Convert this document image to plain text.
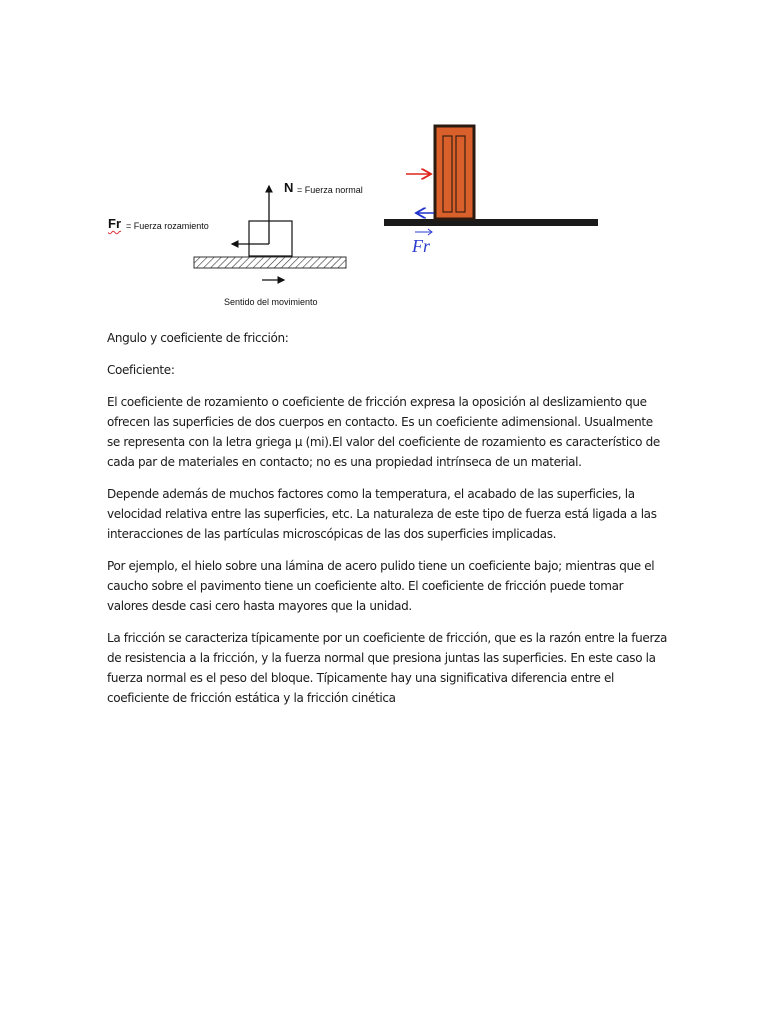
N = Fuerza normal
Fr = Fuerza rozamiento
Sentido del movimiento
Fr

Angulo y coeficiente de fricción:

Coeficiente:

El coeficiente de rozamiento o coeficiente de fricción expresa la oposición al deslizamiento que ofrecen las superficies de dos cuerpos en contacto. Es un coeficiente adimensional. Usualmente se representa con la letra griega µ (mi).El valor del coeficiente de rozamiento es característico de cada par de materiales en contacto; no es una propiedad intrínseca de un material.

Depende además de muchos factores como la temperatura, el acabado de las superficies, la velocidad relativa entre las superficies, etc. La naturaleza de este tipo de fuerza está ligada a las interacciones de las partículas microscópicas de las dos superficies implicadas.

Por ejemplo, el hielo sobre una lámina de acero pulido tiene un coeficiente bajo; mientras que el caucho sobre el pavimento tiene un coeficiente alto. El coeficiente de fricción puede tomar valores desde casi cero hasta mayores que la unidad.

La fricción se caracteriza típicamente por un coeficiente de fricción, que es la razón entre la fuerza de resistencia a la fricción, y la fuerza normal que presiona juntas las superficies. En este caso la fuerza normal es el peso del bloque. Típicamente hay una significativa diferencia entre el coeficiente de fricción estática y la fricción cinética
